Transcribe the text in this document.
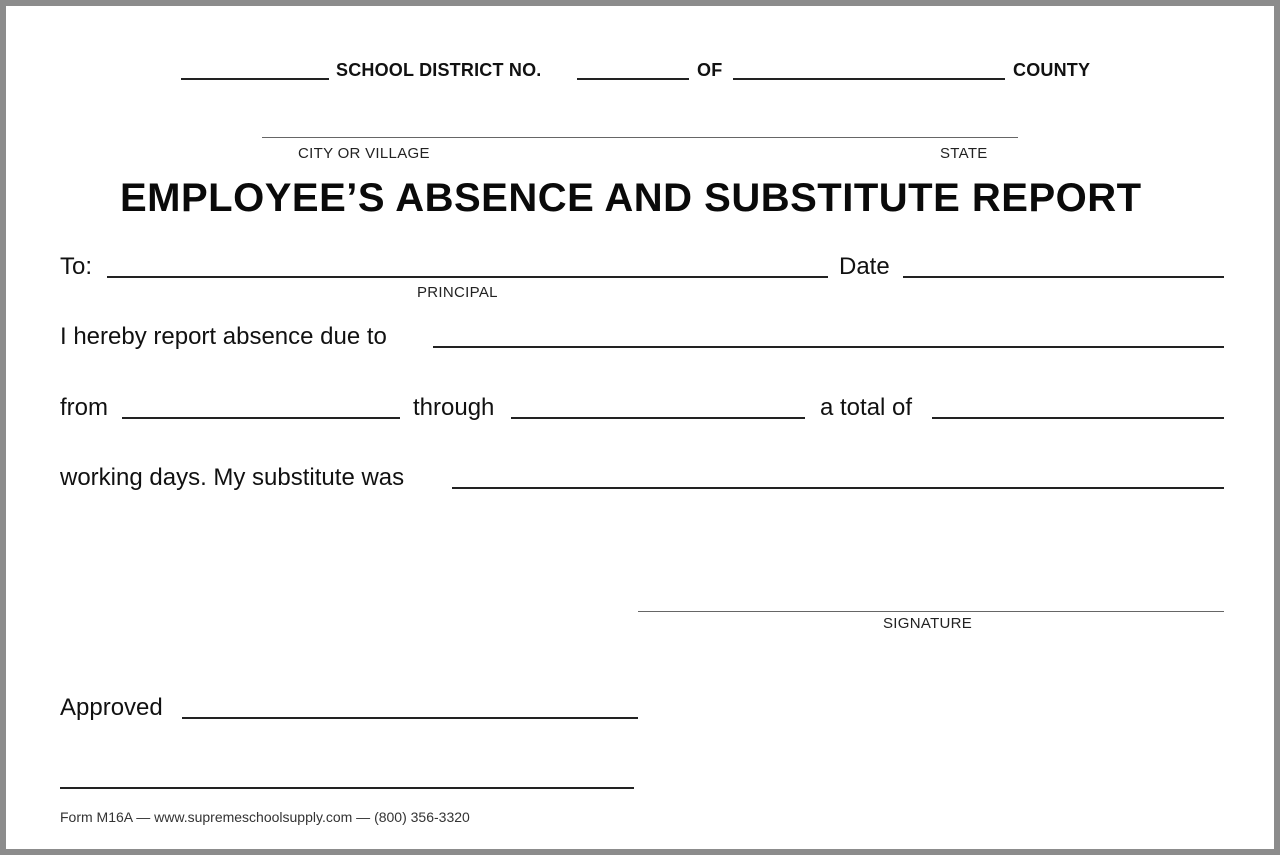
SCHOOL DISTRICT NO.	OF	COUNTY
CITY OR VILLAGE	STATE
EMPLOYEE’S ABSENCE AND SUBSTITUTE REPORT
To:
PRINCIPAL
Date
I hereby report absence due to
from	through	a total of
working days. My substitute was
SIGNATURE
Approved
Form M16A — www.supremeschoolsupply.com — (800) 356-3320
